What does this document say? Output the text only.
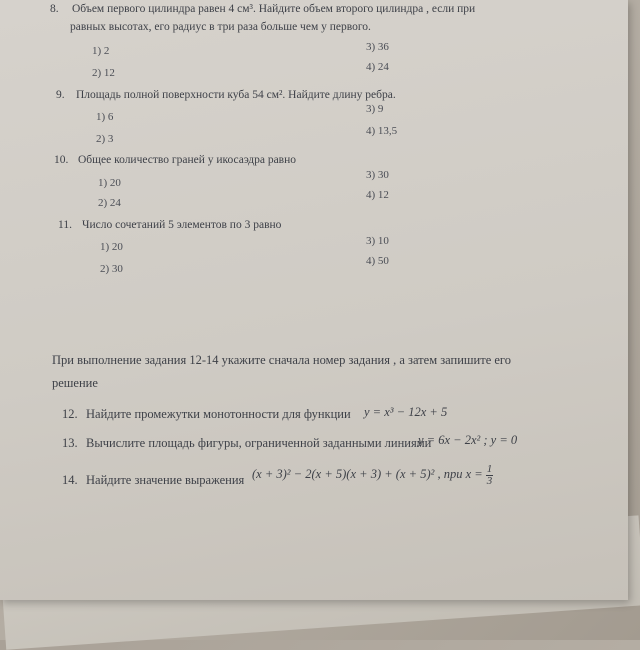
8. Объем первого цилиндра равен 4 см³. Найдите объем второго цилиндра , если при
равных высотах, его радиус в три раза больше чем у первого.
1) 2
2) 12
3) 36
4) 24
9. Площадь полной поверхности куба 54 см². Найдите длину ребра.
1) 6
2) 3
3) 9
4) 13,5
10. Общее количество граней у икосаэдра равно
1) 20
2) 24
3) 30
4) 12
11. Число сочетаний 5 элементов по 3 равно
1) 20
2) 30
3) 10
4) 50
При выполнение задания 12-14 укажите сначала номер задания , а затем запишите его
решение
12. Найдите промежутки монотонности для функции y = x³ − 12x + 5
13. Вычислите площадь фигуры, ограниченной заданными линиями
y = 6x − 2x² ; y = 0
14. Найдите значение выражения (x + 3)² − 2(x + 5)(x + 3) + (x + 5)² , при $x = \frac{1}{3}$
